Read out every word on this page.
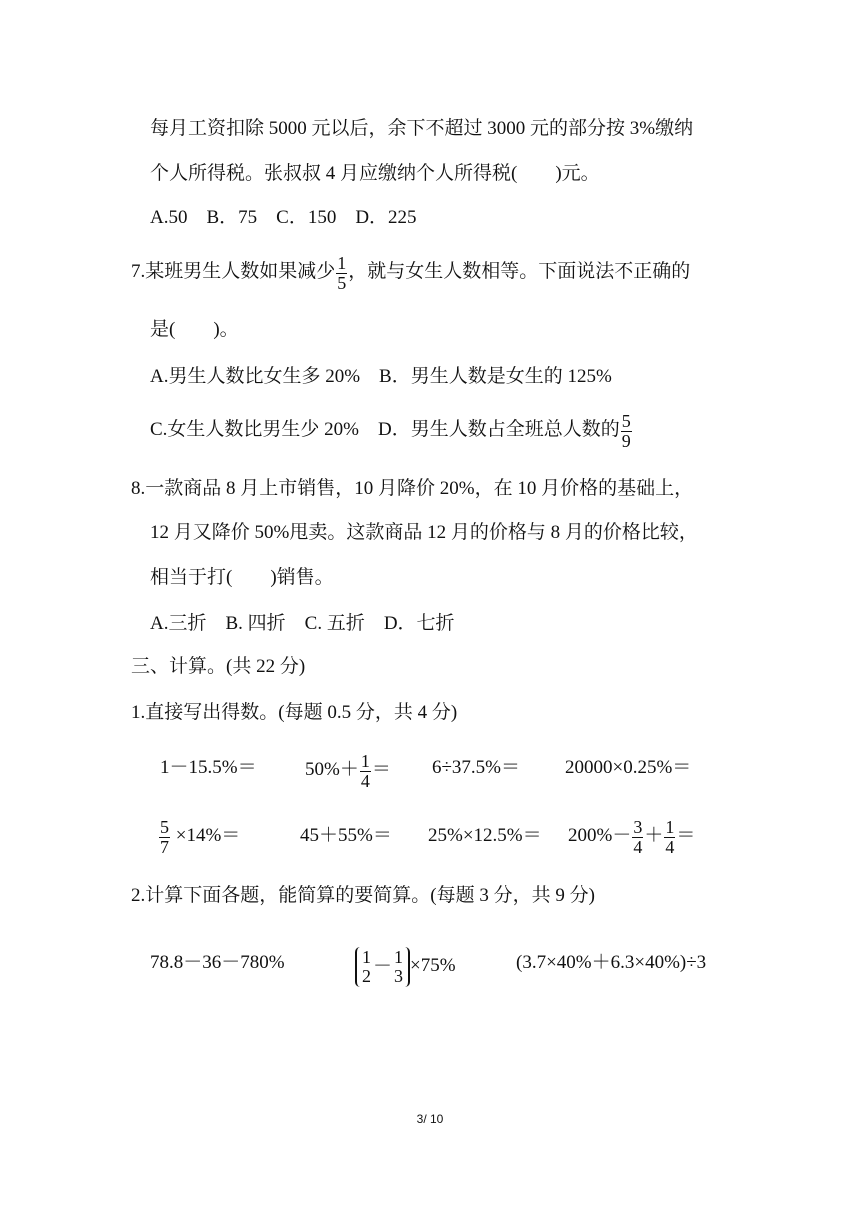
每月工资扣除 5000 元以后，余下不超过 3000 元的部分按 3%缴纳
个人所得税。张叔叔 4 月应缴纳个人所得税(　　)元。
A.50　B．75　C．150　D．225
7.某班男生人数如果减少 $\frac{1}{5}$ ，就与女生人数相等。下面说法不正确的
是(　　)。
A.男生人数比女生多 20%　B．男生人数是女生的 125%
C.女生人数比男生少 20%　D．男生人数占全班总人数的 $\frac{5}{9}$
8.一款商品 8 月上市销售，10 月降价 20%，在 10 月价格的基础上，
12 月又降价 50%甩卖。这款商品 12 月的价格与 8 月的价格比较，
相当于打(　　)销售。
A.三折　B. 四折　C. 五折　D．七折
三、计算。(共 22 分)
1.直接写出得数。(每题 0.5 分，共 4 分)
1－15.5%＝	$50\%+ \frac{1}{4} = 6\div 37.5\%= 20000\times 0.25\%=$
$\frac{5}{7} \times 14\%=$	$45+55\%= 25\%\times 12.5\%= 200\%- \frac{3}{4} + \frac{1}{4}$ ＝
2.计算下面各题，能简算的要简算。(每题 3 分，共 9 分)
78.8－36－780%	1
2 － 1
3
×75%	(3.7×40%＋6.3×40%)÷3
3/ 10
